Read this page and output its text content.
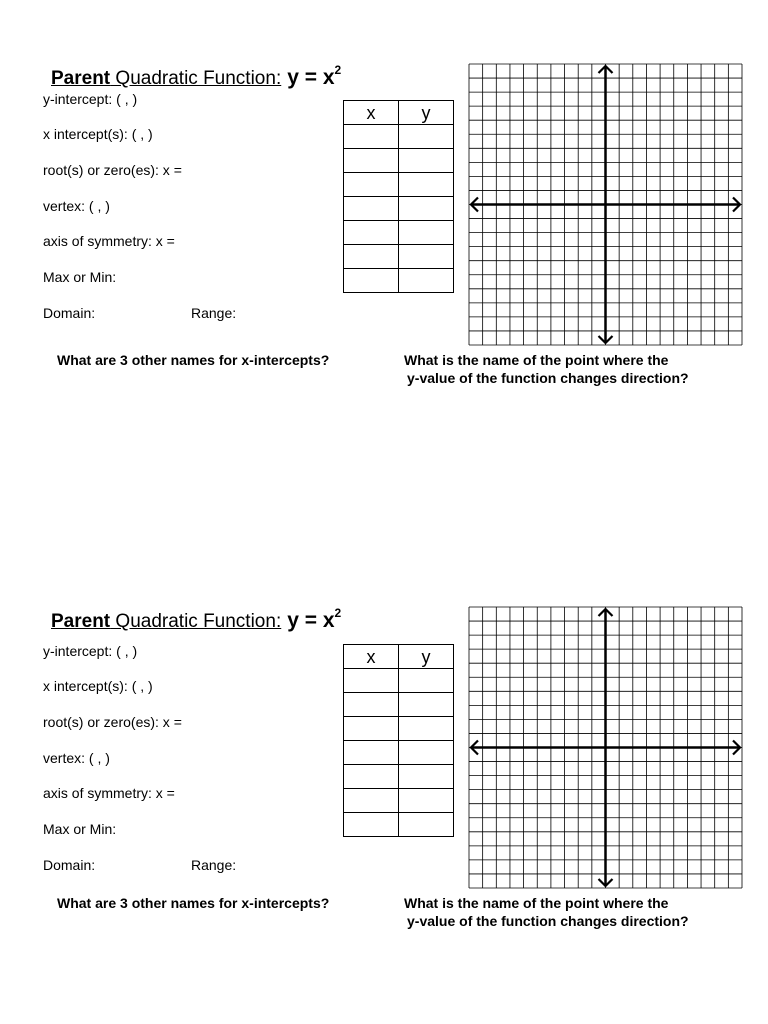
Parent Quadratic Function: $y = x^2$
y-intercept: ( , )
x intercept(s): ( , )
root(s) or zero(es): x =
vertex: ( , )
axis of symmetry: x =
Max or Min:
Domain:	Range:
x	y

What are 3 other names for x-intercepts?	What is the name of the point where the
y-value of the function changes direction?
Parent Quadratic Function: $y = x^2$
y-intercept: ( , )
x intercept(s): ( , )
root(s) or zero(es): x =
vertex: ( , )
axis of symmetry: x =
Max or Min:
Domain:	Range:
x	y

What are 3 other names for x-intercepts?	What is the name of the point where the
y-value of the function changes direction?
